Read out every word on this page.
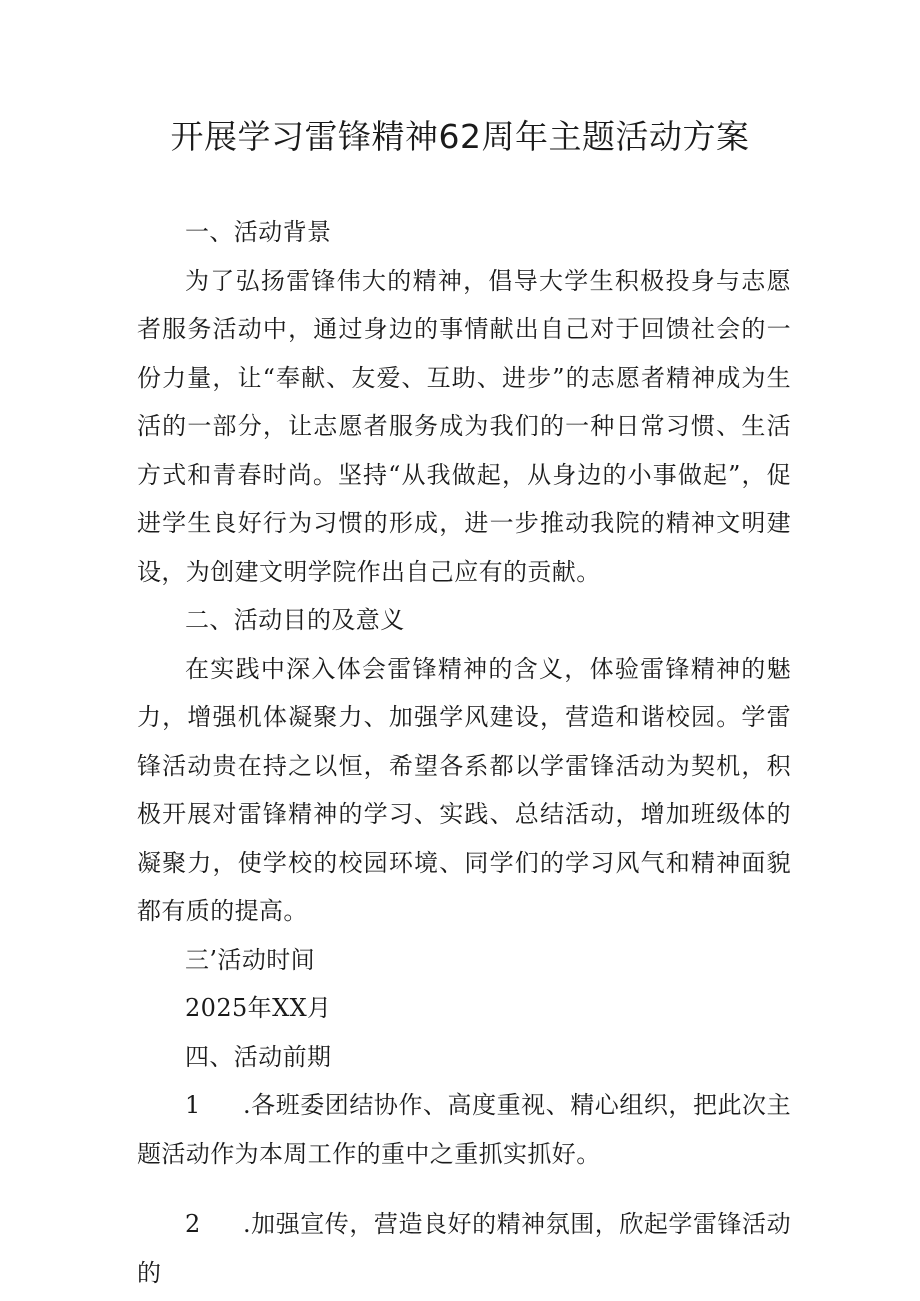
开展学习雷锋精神62周年主题活动方案

一、活动背景

为了弘扬雷锋伟大的精神，倡导大学生积极投身与志愿者服务活动中，通过身边的事情献出自己对于回馈社会的一份力量，让“奉献、友爱、互助、进步”的志愿者精神成为生活的一部分，让志愿者服务成为我们的一种日常习惯、生活方式和青春时尚。坚持“从我做起，从身边的小事做起”，促进学生良好行为习惯的形成，进一步推动我院的精神文明建设，为创建文明学院作出自己应有的贡献。

二、活动目的及意义

在实践中深入体会雷锋精神的含义，体验雷锋精神的魅力，增强机体凝聚力、加强学风建设，营造和谐校园。学雷锋活动贵在持之以恒，希望各系都以学雷锋活动为契机，积极开展对雷锋精神的学习、实践、总结活动，增加班级体的凝聚力，使学校的校园环境、同学们的学习风气和精神面貌都有质的提高。

三’活动时间

2025年XX月

四、活动前期

1 .各班委团结协作、高度重视、精心组织，把此次主题活动作为本周工作的重中之重抓实抓好。

2 .加强宣传，营造良好的精神氛围，欣起学雷锋活动的
